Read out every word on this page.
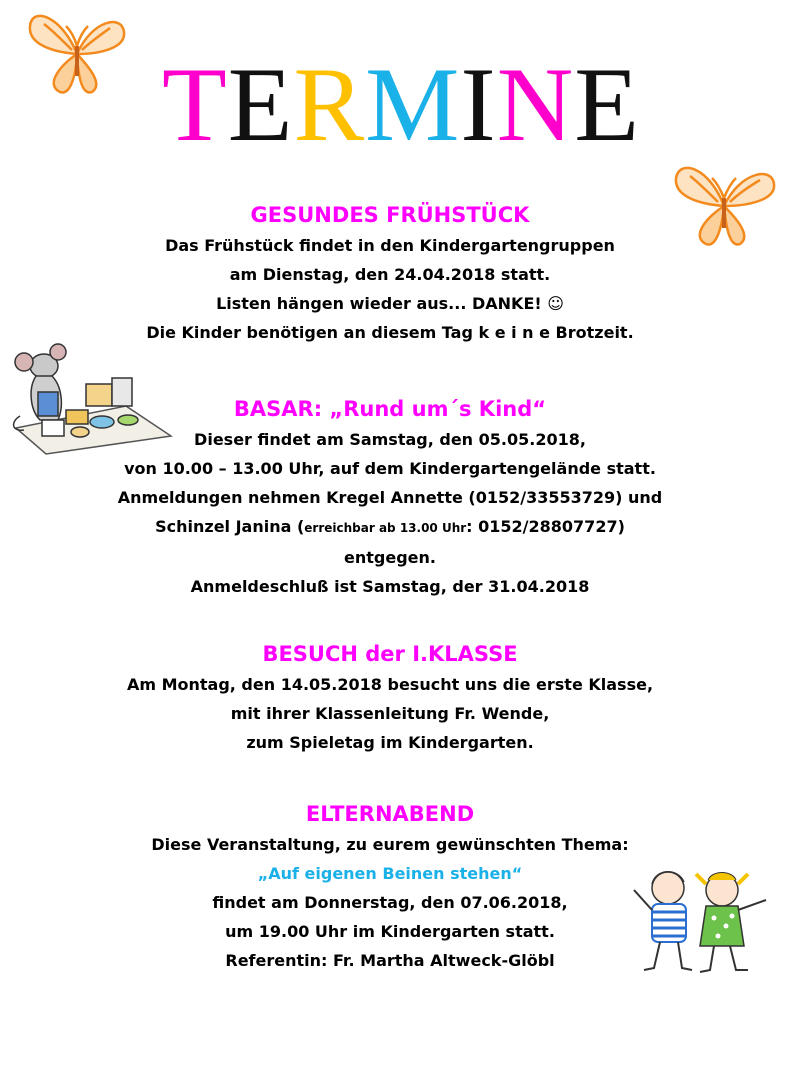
TERMINE
GESUNDES FRÜHSTÜCK
Das Frühstück findet in den Kindergartengruppen
am Dienstag, den 24.04.2018 statt.
Listen hängen wieder aus... DANKE! ☺
Die Kinder benötigen an diesem Tag k e i n e Brotzeit.
BASAR: „Rund um´s Kind“
Dieser findet am Samstag, den 05.05.2018,
von 10.00 – 13.00 Uhr, auf dem Kindergartengelände statt.
Anmeldungen nehmen Kregel Annette (0152/33553729) und
Schinzel Janina (erreichbar ab 13.00 Uhr: 0152/28807727)
entgegen.
Anmeldeschluß ist Samstag, der 31.04.2018
BESUCH der I.KLASSE
Am Montag, den 14.05.2018 besucht uns die erste Klasse,
mit ihrer Klassenleitung Fr. Wende,
zum Spieletag im Kindergarten.
ELTERNABEND
Diese Veranstaltung, zu eurem gewünschten Thema:
„Auf eigenen Beinen stehen“
findet am Donnerstag, den 07.06.2018,
um 19.00 Uhr im Kindergarten statt.
Referentin: Fr. Martha Altweck-Glöbl
